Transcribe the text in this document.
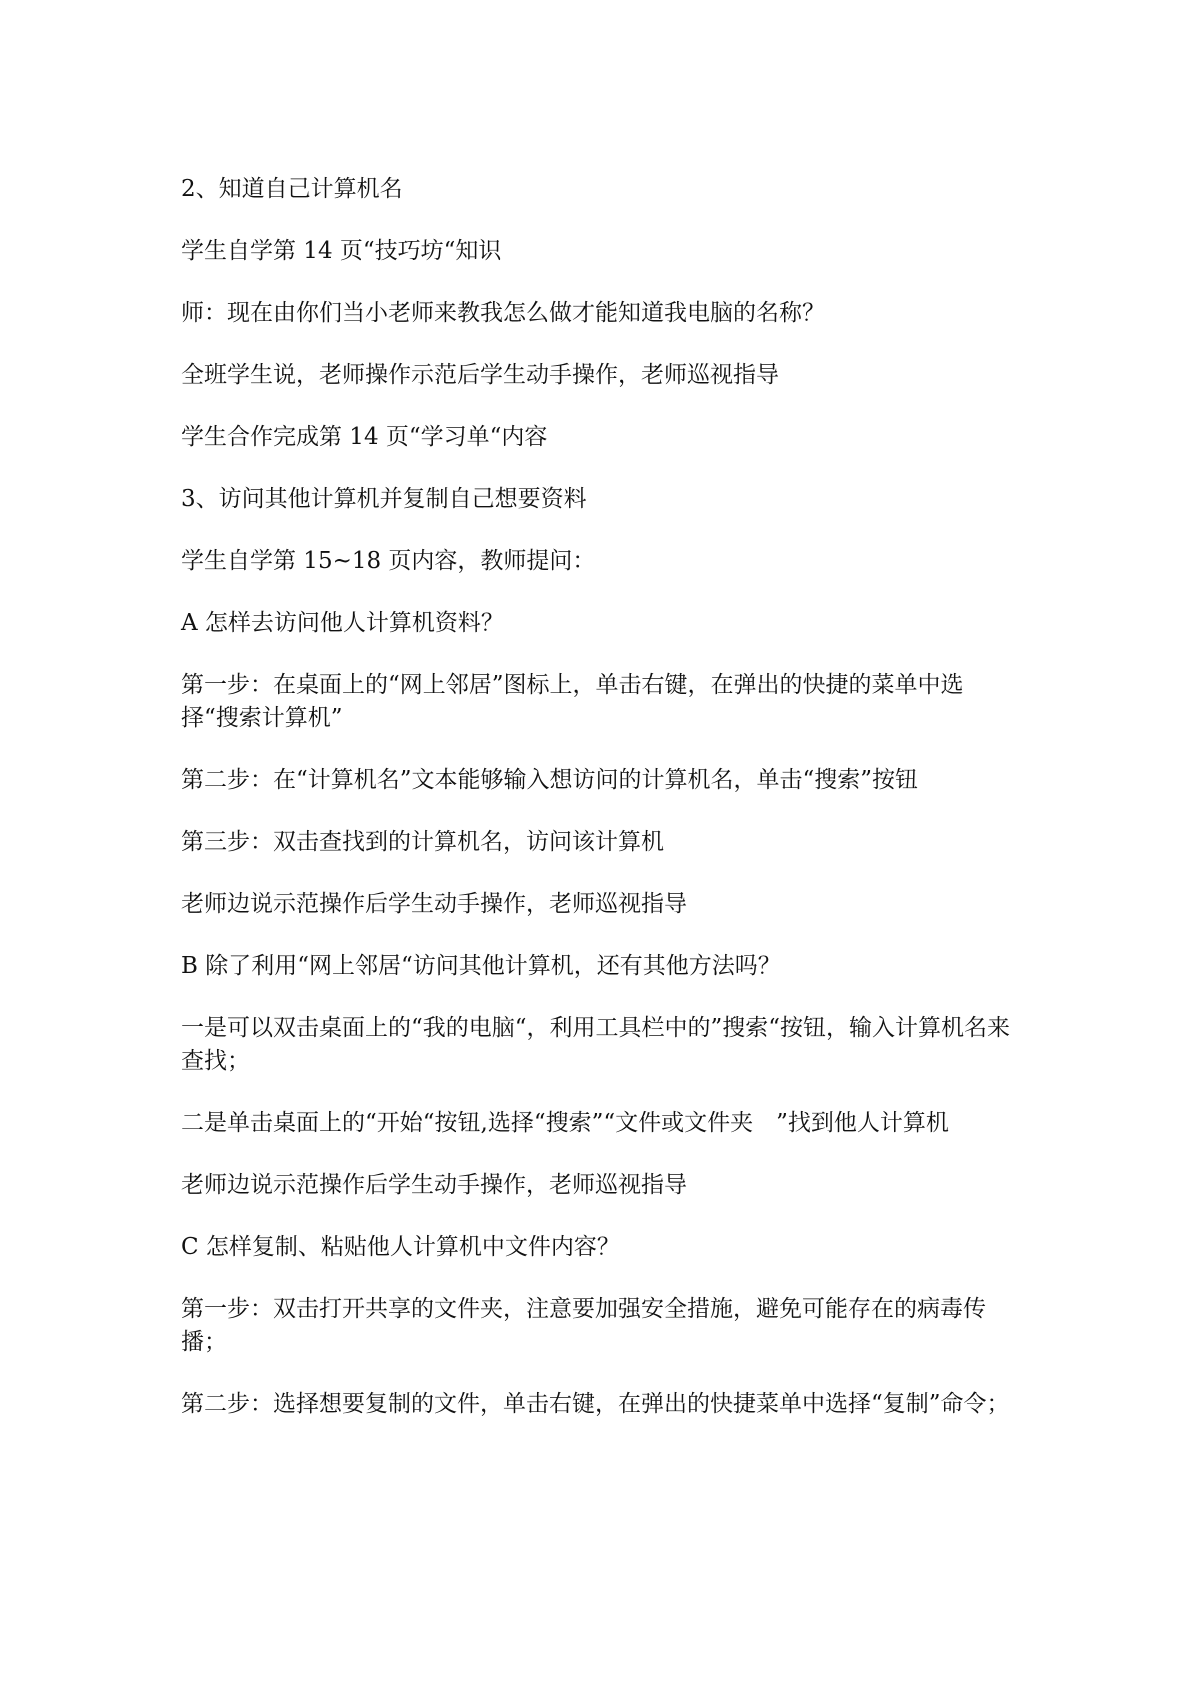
2、知道自己计算机名

学生自学第 14 页“技巧坊“知识

师：现在由你们当小老师来教我怎么做才能知道我电脑的名称？

全班学生说，老师操作示范后学生动手操作，老师巡视指导

学生合作完成第 14 页“学习单“内容

3、访问其他计算机并复制自己想要资料

学生自学第 15~18 页内容，教师提问：

A 怎样去访问他人计算机资料？

第一步：在桌面上的“网上邻居”图标上，单击右键，在弹出的快捷的菜单中选择“搜索计算机”

第二步：在“计算机名”文本能够输入想访问的计算机名，单击“搜索”按钮

第三步：双击查找到的计算机名，访问该计算机

老师边说示范操作后学生动手操作，老师巡视指导

B 除了利用“网上邻居“访问其他计算机，还有其他方法吗？

一是可以双击桌面上的“我的电脑“，利用工具栏中的”搜索“按钮，输入计算机名来查找；

二是单击桌面上的“开始“按钮,选择“搜索”“文件或文件夹　”找到他人计算机

老师边说示范操作后学生动手操作，老师巡视指导

C 怎样复制、粘贴他人计算机中文件内容？

第一步：双击打开共享的文件夹，注意要加强安全措施，避免可能存在的病毒传播；

第二步：选择想要复制的文件，单击右键，在弹出的快捷菜单中选择“复制”命令；
